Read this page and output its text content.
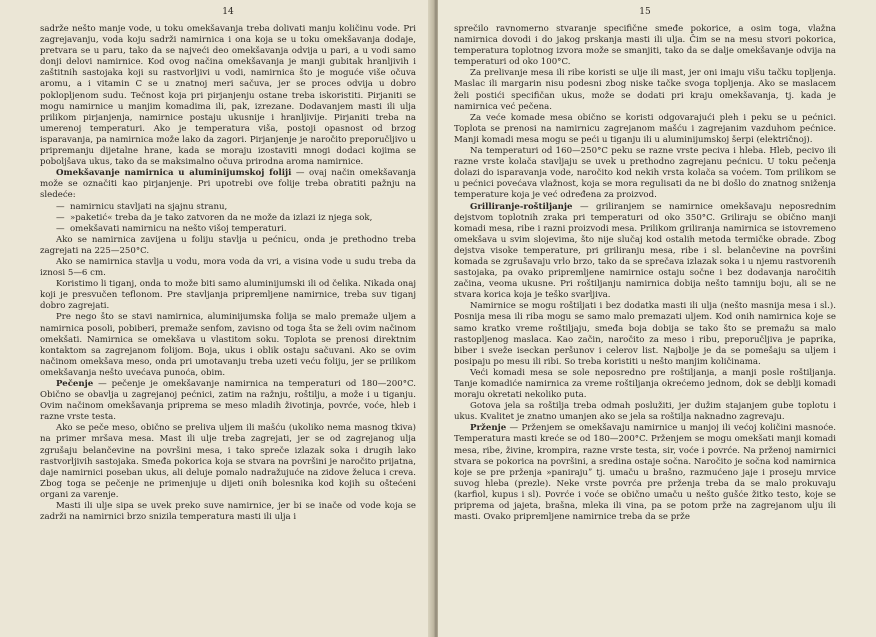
14

sadrže nešto manje vode, u toku omekšavanja treba dolivati manju količinu vode. Pri zagrejavanju, voda koju sadrži namirnica i ona koja se u toku omekšavanja dodaje, pretvara se u paru, tako da se najveći deo omekšavanja odvija u pari, a u vodi samo donji delovi namirnice. Kod ovog načina omekšavanja je manji gubitak hranljivih i zaštitnih sastojaka koji su rastvorljivi u vodi, namirnica što je moguće više očuva aromu, a i vitamin C se u znatnoj meri sačuva, jer se proces odvija u dobro poklopljenom sudu. Tečnost koja pri pirjanjenju ostane treba iskoristiti. Pirjaniti se mogu namirnice u manjim komadima ili, pak, izrezane. Dodavanjem masti ili ulja prilikom pirjanjenja, namirnice postaju ukusnije i hranljivije. Pirjaniti treba na umerenoj temperaturi. Ako je temperatura viša, postoji opasnost od brzog isparavanja, pa namirnica može lako da zagori. Pirjanjenje je naročito preporučljivo u pripremanju dijetalne hrane, kada se moraju izostaviti mnogi dodaci kojima se poboljšava ukus, tako da se maksimalno očuva prirodna aroma namirnice.

Omekšavanje namirnica u aluminijumskoj foliji — ovaj način omekšavanja može se označiti kao pirjanjenje. Pri upotrebi ove folije treba obratiti pažnju na sledeće:

— namirnicu stavljati na sjajnu stranu,
— »paketić« treba da je tako zatvoren da ne može da izlazi iz njega sok,
— omekšavati namirnicu na nešto višoj temperaturi.

Ako se namirnica zavijena u foliju stavlja u pećnicu, onda je prethodno treba zagrejati na 225—250°C.

Ako se namirnica stavlja u vodu, mora voda da vri, a visina vode u sudu treba da iznosi 5—6 cm.

Koristimo li tiganj, onda to može biti samo aluminijumski ili od čelika. Nikada onaj koji je presvučen teflonom. Pre stavljanja pripremljene namirnice, treba suv tiganj dobro zagrejati.

Pre nego što se stavi namirnica, aluminijumska folija se malo premaže uljem a namirnica posoli, pobiberi, premaže senfom, zavisno od toga šta se želi ovim načinom omekšati. Namirnica se omekšava u vlastitom soku. Toplota se prenosi direktnim kontaktom sa zagrejanom folijom. Boja, ukus i oblik ostaju sačuvani. Ako se ovim načinom omekšava meso, onda pri umotavanju treba uzeti veću foliju, jer se prilikom omekšavanja nešto uvećava punoća, obim.

Pečenje — pečenje je omekšavanje namirnica na temperaturi od 180—200°C. Obično se obavlja u zagrejanoj pećnici, zatim na ražnju, roštilju, a može i u tiganju. Ovim načinom omekšavanja priprema se meso mladih životinja, povrće, voće, hleb i razne vrste testa.

Ako se peče meso, obično se preliva uljem ili mašću (ukoliko nema masnog tkiva) na primer mršava mesa. Mast ili ulje treba zagrejati, jer se od zagrejanog ulja zgrušaju belančevine na površini mesa, i tako spreče izlazak soka i drugih lako rastvorljivih sastojaka. Smeđa pokorica koja se stvara na površini je naročito prijatna, daje namirnici poseban ukus, ali deluje pomalo nadražujuće na zidove želuca i creva. Zbog toga se pečenje ne primenjuje u dijeti onih bolesnika kod kojih su oštećeni organi za varenje.

Masti ili ulje sipa se uvek preko suve namirnice, jer bi se inače od vode koja se zadrži na namirnici brzo snizila temperatura masti ili ulja i

15

sprečilo ravnomerno stvaranje specifične smeđe pokorice, a osim toga, vlažna namirnica dovodi i do jakog prskanja masti ili ulja. Čim se na mesu stvori pokorica, temperatura toplotnog izvora može se smanjiti, tako da se dalje omekšavanje odvija na temperaturi od oko 100°C.

Za prelivanje mesa ili ribe koristi se ulje ili mast, jer oni imaju višu tačku topljenja. Maslac ili margarin nisu podesni zbog niske tačke svoga topljenja. Ako se maslacem želi postići specifičan ukus, može se dodati pri kraju omekšavanja, tj. kada je namirnica već pečena.

Za veće komade mesa obično se koristi odgovarajući pleh i peku se u pećnici. Toplota se prenosi na namirnicu zagrejanom mašću i zagrejanim vazduhom pećnice. Manji komadi mesa mogu se peći u tiganju ili u aluminijumskoj šerpi (električnoj).

Na temperaturi od 160—250°C peku se razne vrste peciva i hleba. Hleb, pecivo ili razne vrste kolača stavljaju se uvek u prethodno zagrejanu pećnicu. U toku pečenja dolazi do isparavanja vode, naročito kod nekih vrsta kolača sa voćem. Tom prilikom se u pećnici povećava vlažnost, koja se mora regulisati da ne bi došlo do znatnog sniženja temperature koja je već određena za proizvod.

Grilliranje-roštiljanje — griliranjem se namirnice omekšavaju neposrednim dejstvom toplotnih zraka pri temperaturi od oko 350°C. Griliraju se obično manji komadi mesa, ribe i razni proizvodi mesa. Prilikom griliranja namirnica se istovremeno omekšava u svim slojevima, što nije slučaj kod ostalih metoda termičke obrade. Zbog dejstva visoke temperature, pri griliranju mesa, ribe i sl. belančevine na površini komada se zgrušavaju vrlo brzo, tako da se sprečava izlazak soka i u njemu rastvorenih sastojaka, pa ovako pripremljene namirnice ostaju sočne i bez dodavanja naročitih začina, veoma ukusne. Pri roštiljanju namirnica dobija nešto tamniju boju, ali se ne stvara korica koja je teško svarljiva.

Namirnice se mogu roštiljati i bez dodatka masti ili ulja (nešto masnija mesa i sl.). Posnija mesa ili riba mogu se samo malo premazati uljem. Kod onih namirnica koje se samo kratko vreme roštiljaju, smeđa boja dobija se tako što se premažu sa malo rastopljenog maslaca. Kao začin, naročito za meso i ribu, preporučljiva je paprika, biber i sveže iseckan peršunov i celerov list. Najbolje je da se pomešaju sa uljem i posipaju po mesu ili ribi. So treba koristiti u nešto manjim količinama.

Veći komadi mesa se sole neposredno pre roštiljanja, a manji posle roštiljanja. Tanje komadiće namirnica za vreme roštiljanja okrećemo jednom, dok se deblji komadi moraju okretati nekoliko puta.

Gotova jela sa roštilja treba odmah poslužiti, jer dužim stajanjem gube toplotu i ukus. Kvalitet je znatno umanjen ako se jela sa roštilja naknadno zagrevaju.

Prženje — Prženjem se omekšavaju namirnice u manjoj ili većoj količini masnoće. Temperatura masti kreće se od 180—200°C. Prženjem se mogu omekšati manji komadi mesa, ribe, živine, krompira, razne vrste testa, sir, voće i povrće. Na prženoj namirnici stvara se pokorica na površini, a sredina ostaje sočna. Naročito je sočna kod namirnica koje se pre prženja »panirajuˮ tj. umaču u brašno, razmućeno jaje i proseju mrvice suvog hleba (prezle). Neke vrste povrća pre prženja treba da se malo prokuvaju (karfiol, kupus i sl). Povrće i voće se obično umaču u nešto gušće žitko testo, koje se priprema od jajeta, brašna, mleka ili vina, pa se potom prže na zagrejanom ulju ili masti. Ovako pripremljene namirnice treba da se prže
